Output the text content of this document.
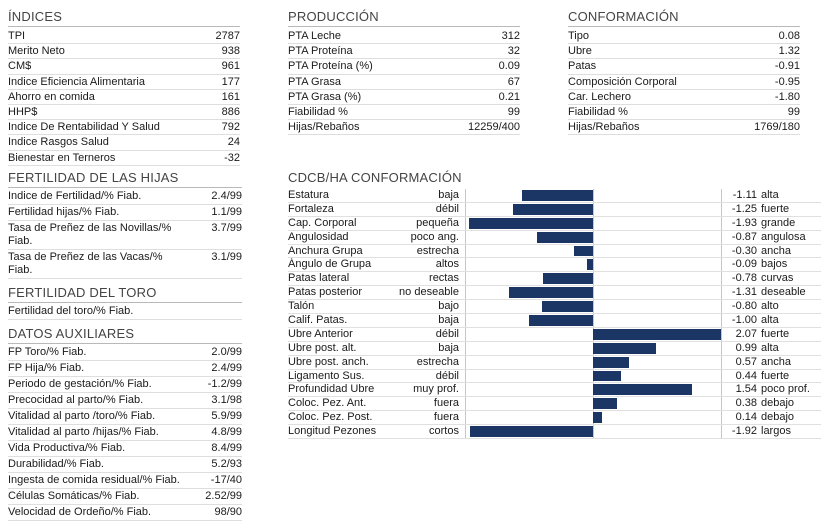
ÍNDICES
TPI	2787
Merito Neto	938
CM$	961
Indice Eficiencia Alimentaria	177
Ahorro en comida	161
HHP$	886
Indice De Rentabilidad Y Salud	792
Indice Rasgos Salud	24
Bienestar en Terneros	-32
PRODUCCIÓN
PTA Leche	312
PTA Proteína	32
PTA Proteína (%)	0.09
PTA Grasa	67
PTA Grasa (%)	0.21
Fiabilidad %	99
Hijas/Rebaños	12259/400
CONFORMACIÓN
Tipo	0.08
Ubre	1.32
Patas	-0.91
Composición Corporal	-0.95
Car. Lechero	-1.80
Fiabilidad %	99
Hijas/Rebaños	1769/180
FERTILIDAD DE LAS HIJAS
Indice de Fertilidad/% Fiab.	2.4/99
Fertilidad hijas/% Fiab.	1.1/99
Tasa de Preñez de las Novillas/% Fiab.
3.7/99
Tasa de Preñez de las Vacas/% Fiab.
3.1/99
FERTILIDAD DEL TORO
Fertilidad del toro/% Fiab.
DATOS AUXILIARES
FP Toro/% Fiab.	2.0/99
FP Hija/% Fiab.	2.4/99
Periodo de gestación/% Fiab.	-1.2/99
Precocidad al parto/% Fiab.	3.1/98
Vitalidad al parto /toro/% Fiab.	5.9/99
Vitalidad al parto /hijas/% Fiab.	4.8/99
Vida Productiva/% Fiab.	8.4/99
Durabilidad/% Fiab.	5.2/93
Ingesta de comida residual/% Fiab.	-17/40
Células Somáticas/% Fiab.	2.52/99
Velocidad de Ordeño/% Fiab.	98/90
CDCB/HA CONFORMACIÓN
Estatura	baja	-1.11 alta
Fortaleza	débil	-1.25 fuerte
Cap. Corporal	pequeña	-1.93 grande
Angulosidad	poco ang.	-0.87 angulosa
Anchura Grupa	estrecha	-0.30 ancha
Ángulo de Grupa	altos	-0.09 bajos
Patas lateral	rectas	-0.78 curvas
Patas posterior	no deseable	-1.31 deseable
Talón	bajo	-0.80 alto
Calif. Patas.	baja	-1.00 alta
Ubre Anterior	débil	2.07 fuerte
Ubre post. alt.	baja	0.99 alta
Ubre post. anch.	estrecha	0.57 ancha
Ligamento Sus.	débil	0.44 fuerte
Profundidad Ubre	muy prof.	1.54 poco prof.
Coloc. Pez. Ant.	fuera	0.38 debajo
Coloc. Pez. Post.	fuera	0.14 debajo
Longitud Pezones	cortos	-1.92 largos
